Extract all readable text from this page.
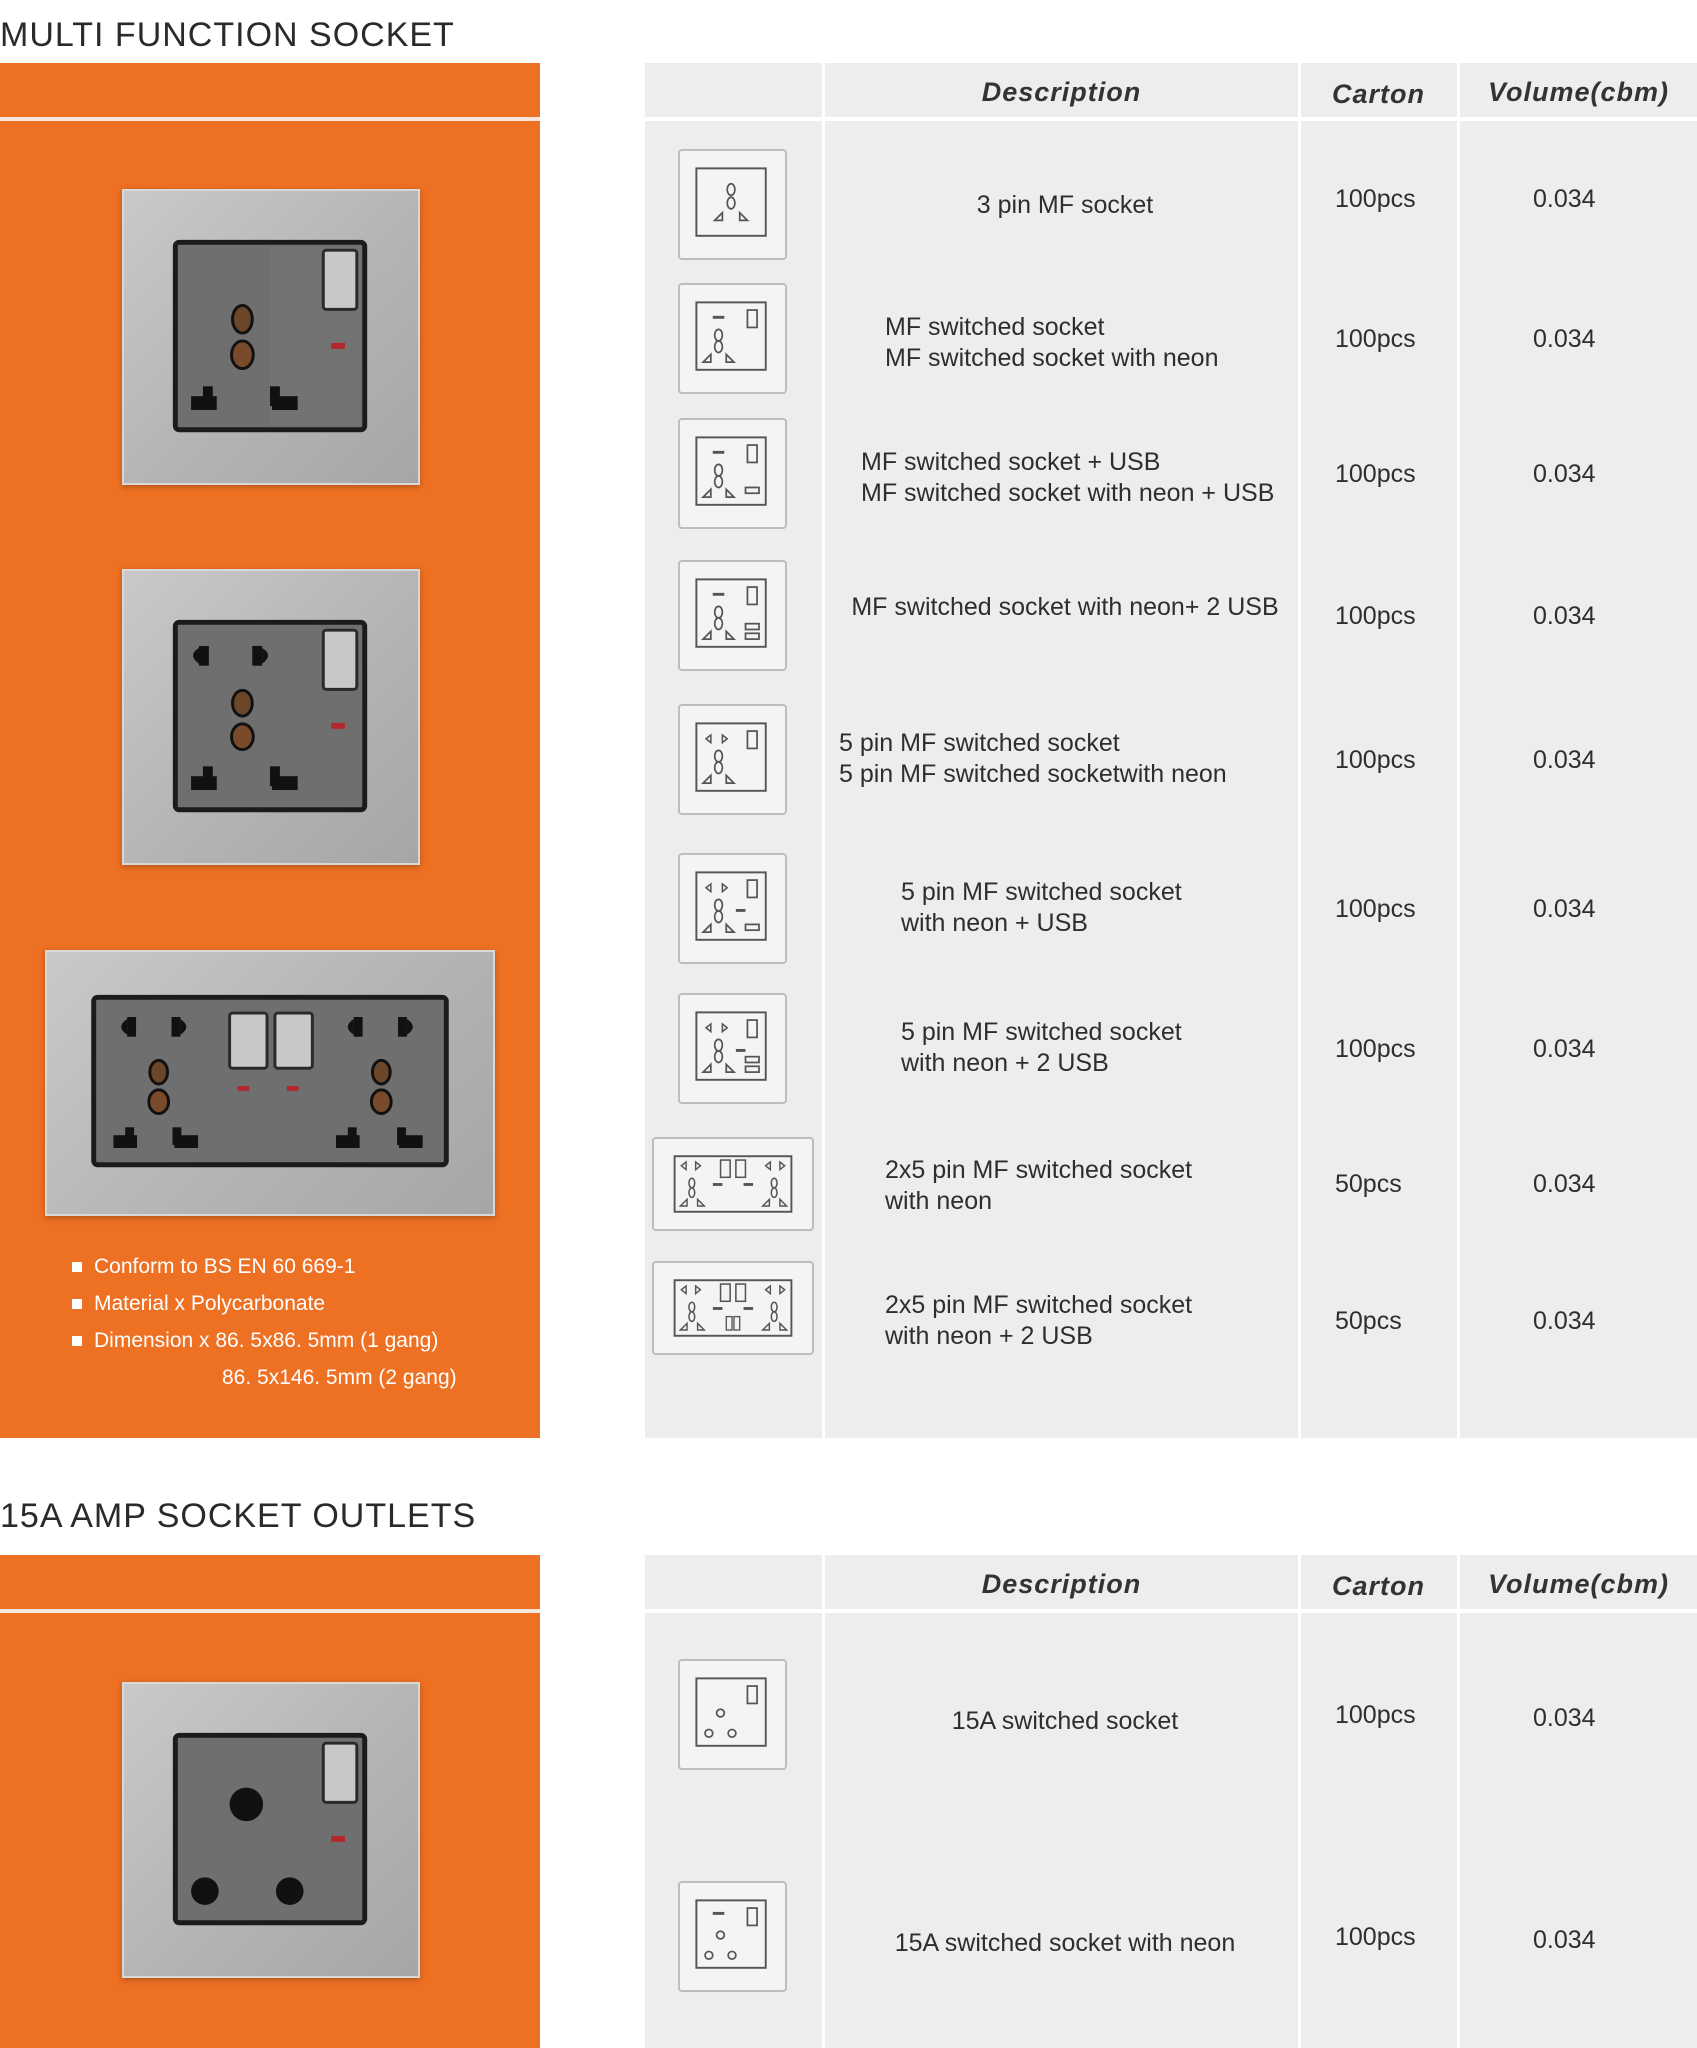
MULTI FUNCTION SOCKET
Conform to BS EN 60 669-1
Material x Polycarbonate
Dimension x 86. 5x86. 5mm (1 gang)
86. 5x146. 5mm (2 gang)
Description	Carton	Volume(cbm)
3 pin MF socket	100pcs	0.034
MF switched socket
MF switched socket with neon
100pcs	0.034
MF switched socket + USB
MF switched socket with neon + USB
100pcs	0.034
MF switched socket with neon+ 2 USB 100pcs	0.034
5 pin MF switched socket
5 pin MF switched socketwith neon	100pcs	0.034
5 pin MF switched socket
with neon + USB	100pcs	0.034
5 pin MF switched socket
with neon + 2 USB	100pcs	0.034
2x5 pin MF switched socket
with neon
50pcs	0.034
2x5 pin MF switched socket
with neon + 2 USB
50pcs	0.034
15A AMP SOCKET OUTLETS
Description	Carton	Volume(cbm)
15A switched socket	100pcs	0.034
15A switched socket with neon	100pcs	0.034
